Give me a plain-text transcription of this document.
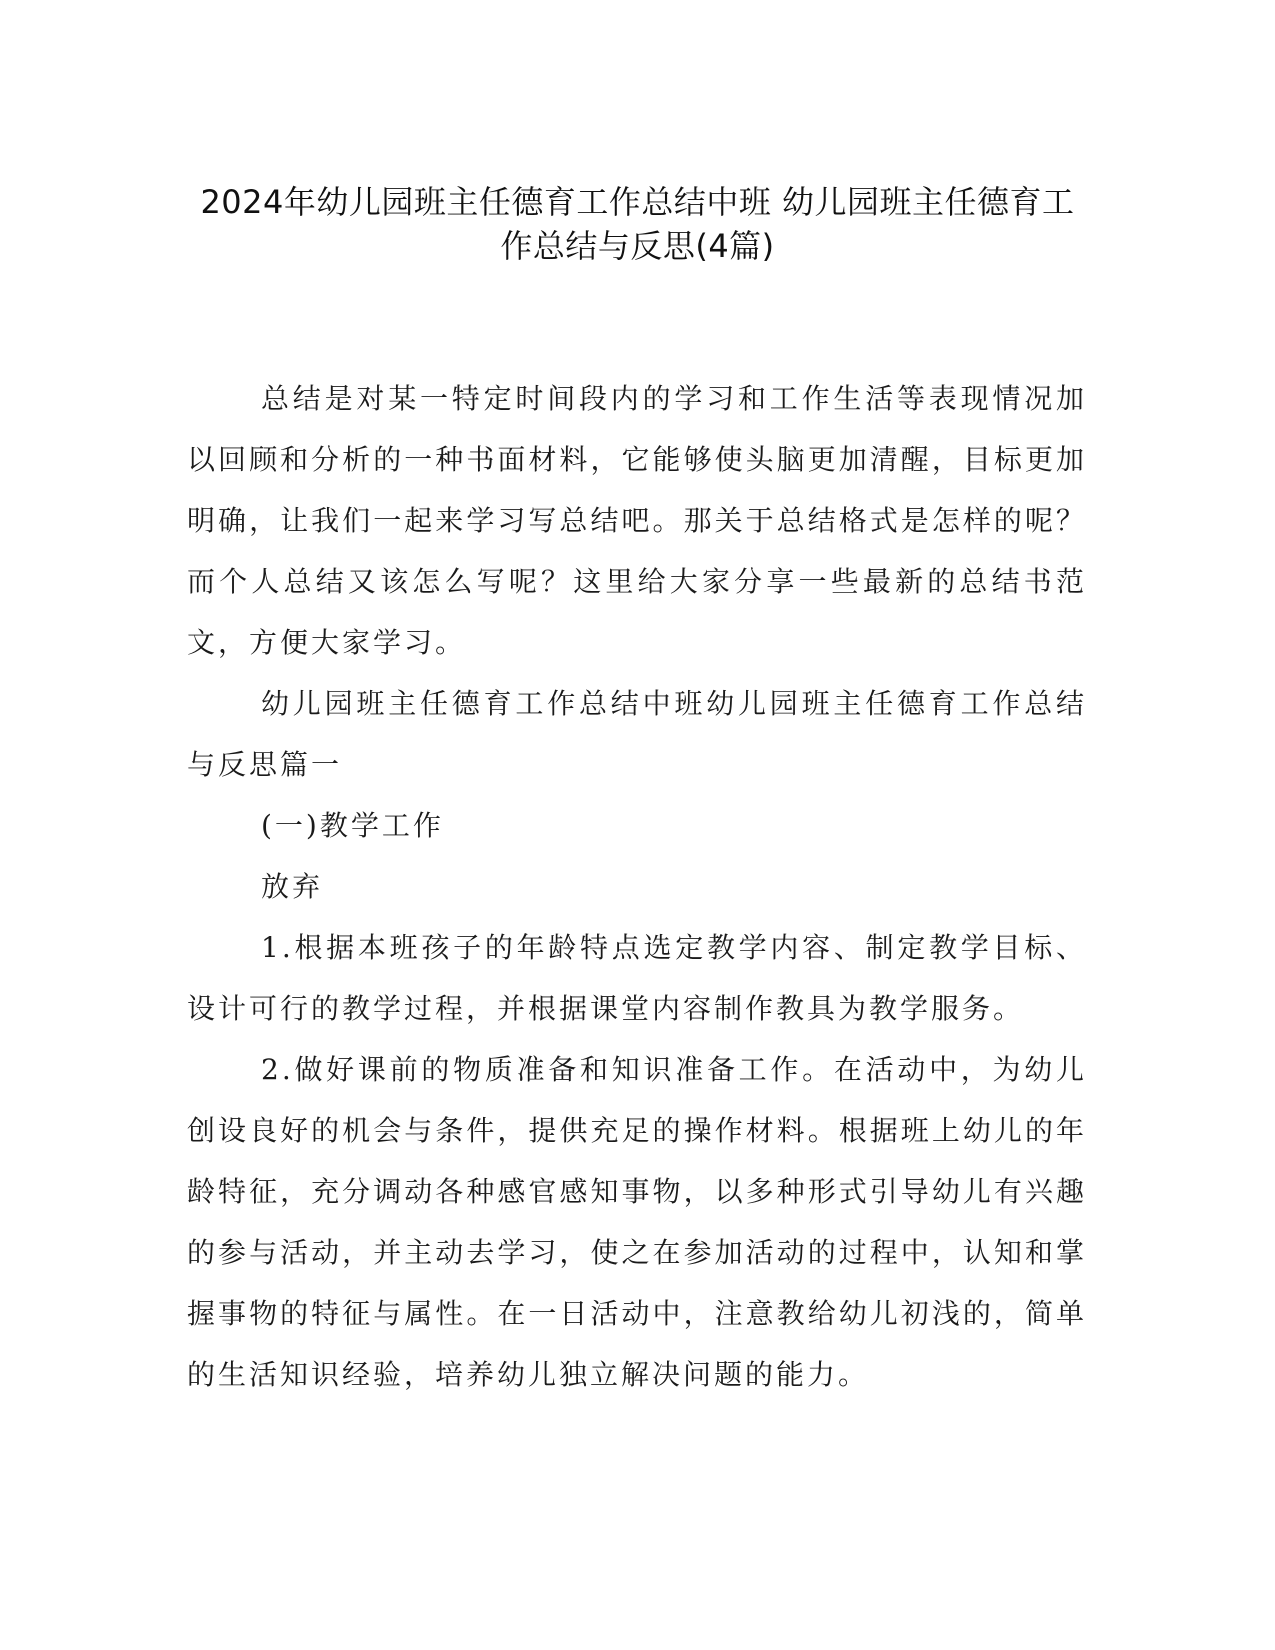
2024年幼儿园班主任德育工作总结中班 幼儿园班主任德育工
作总结与反思(4篇)

总结是对某一特定时间段内的学习和工作生活等表现情况加以回顾和分析的一种书面材料，它能够使头脑更加清醒，目标更加明确，让我们一起来学习写总结吧。那关于总结格式是怎样的呢？而个人总结又该怎么写呢？这里给大家分享一些最新的总结书范文，方便大家学习。

幼儿园班主任德育工作总结中班幼儿园班主任德育工作总结与反思篇一

(一)教学工作

放弃

1.根据本班孩子的年龄特点选定教学内容、制定教学目标、设计可行的教学过程，并根据课堂内容制作教具为教学服务。

2.做好课前的物质准备和知识准备工作。在活动中，为幼儿创设良好的机会与条件，提供充足的操作材料。根据班上幼儿的年龄特征，充分调动各种感官感知事物，以多种形式引导幼儿有兴趣的参与活动，并主动去学习，使之在参加活动的过程中，认知和掌握事物的特征与属性。在一日活动中，注意教给幼儿初浅的，简单的生活知识经验，培养幼儿独立解决问题的能力。
